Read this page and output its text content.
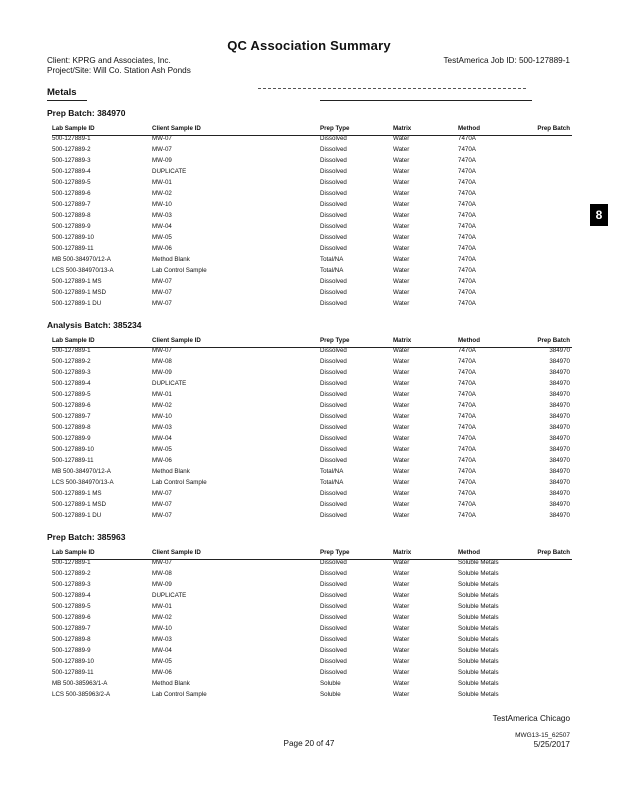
QC Association Summary
Client: KPRG and Associates, Inc.
Project/Site: Will Co. Station Ash Ponds
TestAmerica Job ID: 500-127889-1
Metals
8
Prep Batch: 384970
Lab Sample ID	Client Sample ID	Prep Type	Matrix	Method	Prep Batch
500-127889-1	MW-07	Dissolved	Water	7470A
500-127889-2	MW-07	Dissolved	Water	7470A
500-127889-3	MW-09	Dissolved	Water	7470A
500-127889-4	DUPLICATE	Dissolved	Water	7470A
500-127889-5	MW-01	Dissolved	Water	7470A
500-127889-6	MW-02	Dissolved	Water	7470A
500-127889-7	MW-10	Dissolved	Water	7470A
500-127889-8	MW-03	Dissolved	Water	7470A
500-127889-9	MW-04	Dissolved	Water	7470A
500-127889-10	MW-05	Dissolved	Water	7470A
500-127889-11	MW-06	Dissolved	Water	7470A
MB 500-384970/12-A	Method Blank	Total/NA	Water	7470A
LCS 500-384970/13-A	Lab Control Sample	Total/NA	Water	7470A
500-127889-1 MS	MW-07	Dissolved	Water	7470A
500-127889-1 MSD	MW-07	Dissolved	Water	7470A
500-127889-1 DU	MW-07	Dissolved	Water	7470A
Analysis Batch: 385234
Lab Sample ID	Client Sample ID	Prep Type	Matrix	Method	Prep Batch
500-127889-1	MW-07	Dissolved	Water	7470A	384970
500-127889-2	MW-08	Dissolved	Water	7470A	384970
500-127889-3	MW-09	Dissolved	Water	7470A	384970
500-127889-4	DUPLICATE	Dissolved	Water	7470A	384970
500-127889-5	MW-01	Dissolved	Water	7470A	384970
500-127889-6	MW-02	Dissolved	Water	7470A	384970
500-127889-7	MW-10	Dissolved	Water	7470A	384970
500-127889-8	MW-03	Dissolved	Water	7470A	384970
500-127889-9	MW-04	Dissolved	Water	7470A	384970
500-127889-10	MW-05	Dissolved	Water	7470A	384970
500-127889-11	MW-06	Dissolved	Water	7470A	384970
MB 500-384970/12-A	Method Blank	Total/NA	Water	7470A	384970
LCS 500-384970/13-A	Lab Control Sample	Total/NA	Water	7470A	384970
500-127889-1 MS	MW-07	Dissolved	Water	7470A	384970
500-127889-1 MSD	MW-07	Dissolved	Water	7470A	384970
500-127889-1 DU	MW-07	Dissolved	Water	7470A	384970
Prep Batch: 385963
Lab Sample ID	Client Sample ID	Prep Type	Matrix	Method	Prep Batch
500-127889-1	MW-07	Dissolved	Water	Soluble Metals
500-127889-2	MW-08	Dissolved	Water	Soluble Metals
500-127889-3	MW-09	Dissolved	Water	Soluble Metals
500-127889-4	DUPLICATE	Dissolved	Water	Soluble Metals
500-127889-5	MW-01	Dissolved	Water	Soluble Metals
500-127889-6	MW-02	Dissolved	Water	Soluble Metals
500-127889-7	MW-10	Dissolved	Water	Soluble Metals
500-127889-8	MW-03	Dissolved	Water	Soluble Metals
500-127889-9	MW-04	Dissolved	Water	Soluble Metals
500-127889-10	MW-05	Dissolved	Water	Soluble Metals
500-127889-11	MW-06	Dissolved	Water	Soluble Metals
MB 500-385963/1-A	Method Blank	Soluble	Water	Soluble Metals
LCS 500-385963/2-A	Lab Control Sample	Soluble	Water	Soluble Metals
TestAmerica Chicago
MWG13-15_62507
Page 20 of 47	5/25/2017
